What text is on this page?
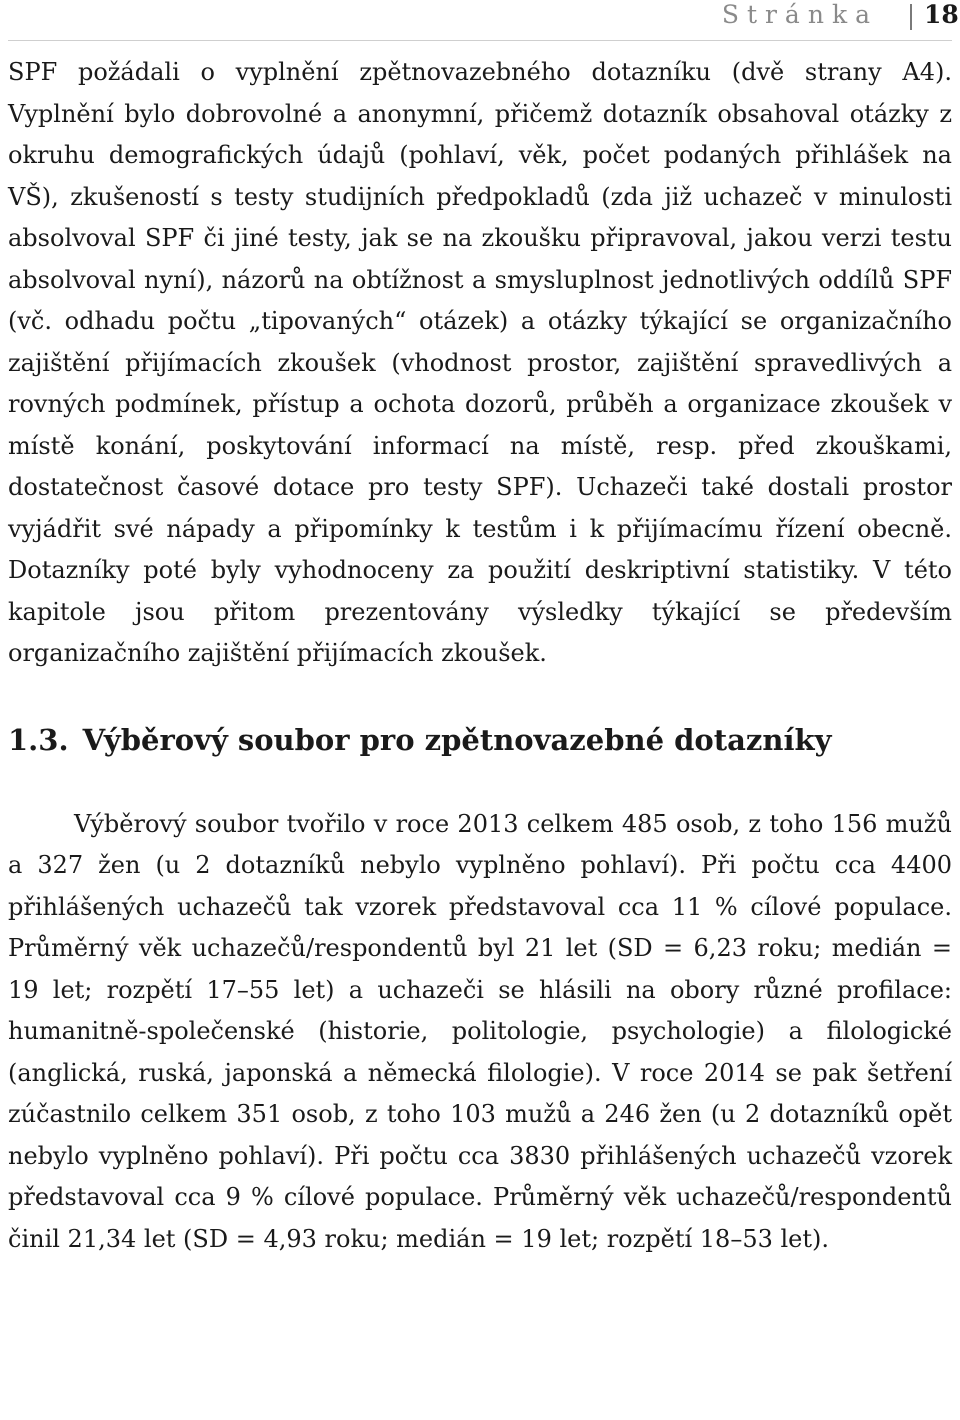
Stránka 18

SPF požádali o vyplnění zpětnovazebného dotazníku (dvě strany A4). Vyplnění bylo dobrovolné a anonymní, přičemž dotazník obsahoval otázky z okruhu demografických údajů (pohlaví, věk, počet podaných přihlášek na VŠ), zkušeností s testy studijních předpokladů (zda již uchazeč v minulosti absolvoval SPF či jiné testy, jak se na zkoušku připravoval, jakou verzi testu absolvoval nyní), názorů na obtížnost a smysluplnost jednotlivých oddílů SPF (vč. odhadu počtu „tipovaných“ otázek) a otázky týkající se organizačního zajištění přijímacích zkoušek (vhodnost prostor, zajištění spravedlivých a rovných podmínek, přístup a ochota dozorů, průběh a organizace zkoušek v místě konání, poskytování informací na místě, resp. před zkouškami, dostatečnost časové dotace pro testy SPF). Uchazeči také dostali prostor vyjádřit své nápady a připomínky k testům i k přijímacímu řízení obecně. Dotazníky poté byly vyhodnoceny za použití deskriptivní statistiky. V této kapitole jsou přitom prezentovány výsledky týkající se především organizačního zajištění přijímacích zkoušek.

1.3. Výběrový soubor pro zpětnovazebné dotazníky

Výběrový soubor tvořilo v roce 2013 celkem 485 osob, z toho 156 mužů a 327 žen (u 2 dotazníků nebylo vyplněno pohlaví). Při počtu cca 4400 přihlášených uchazečů tak vzorek představoval cca 11 % cílové populace. Průměrný věk uchazečů/respondentů byl 21 let (SD = 6,23 roku; medián = 19 let; rozpětí 17–55 let) a uchazeči se hlásili na obory různé profilace: humanitně-společenské (historie, politologie, psychologie) a filologické (anglická, ruská, japonská a německá filologie). V roce 2014 se pak šetření zúčastnilo celkem 351 osob, z toho 103 mužů a 246 žen (u 2 dotazníků opět nebylo vyplněno pohlaví). Při počtu cca 3830 přihlášených uchazečů vzorek představoval cca 9 % cílové populace. Průměrný věk uchazečů/​respondentů činil 21,34 let (SD = 4,93 roku; medián = 19 let; rozpětí 18–53 let).
